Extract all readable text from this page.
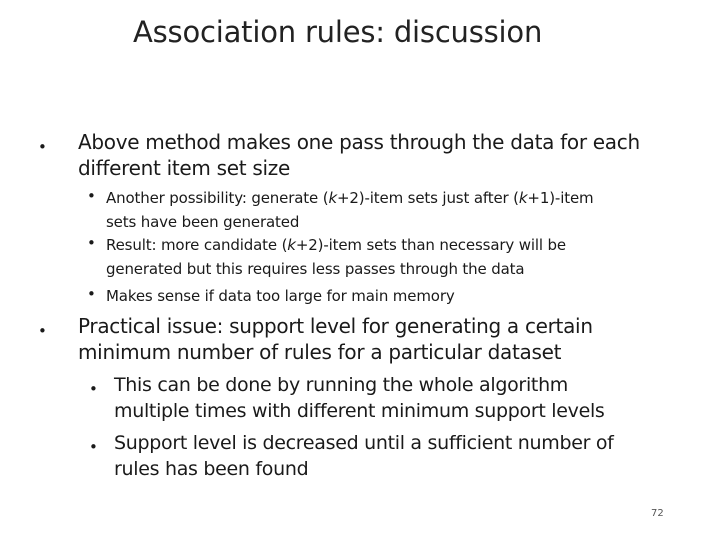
Association rules: discussion
• Above method makes one pass through the data for each
different item set size
• Another possibility: generate (k+2)-item sets just after (k+1)-item
sets have been generated
• Result: more candidate (k+2)-item sets than necessary will be
generated but this requires less passes through the data
• Makes sense if data too large for main memory
• Practical issue: support level for generating a certain
minimum number of rules for a particular dataset
• This can be done by running the whole algorithm
multiple times with different minimum support levels
• Support level is decreased until a sufficient number of
rules has been found
72
